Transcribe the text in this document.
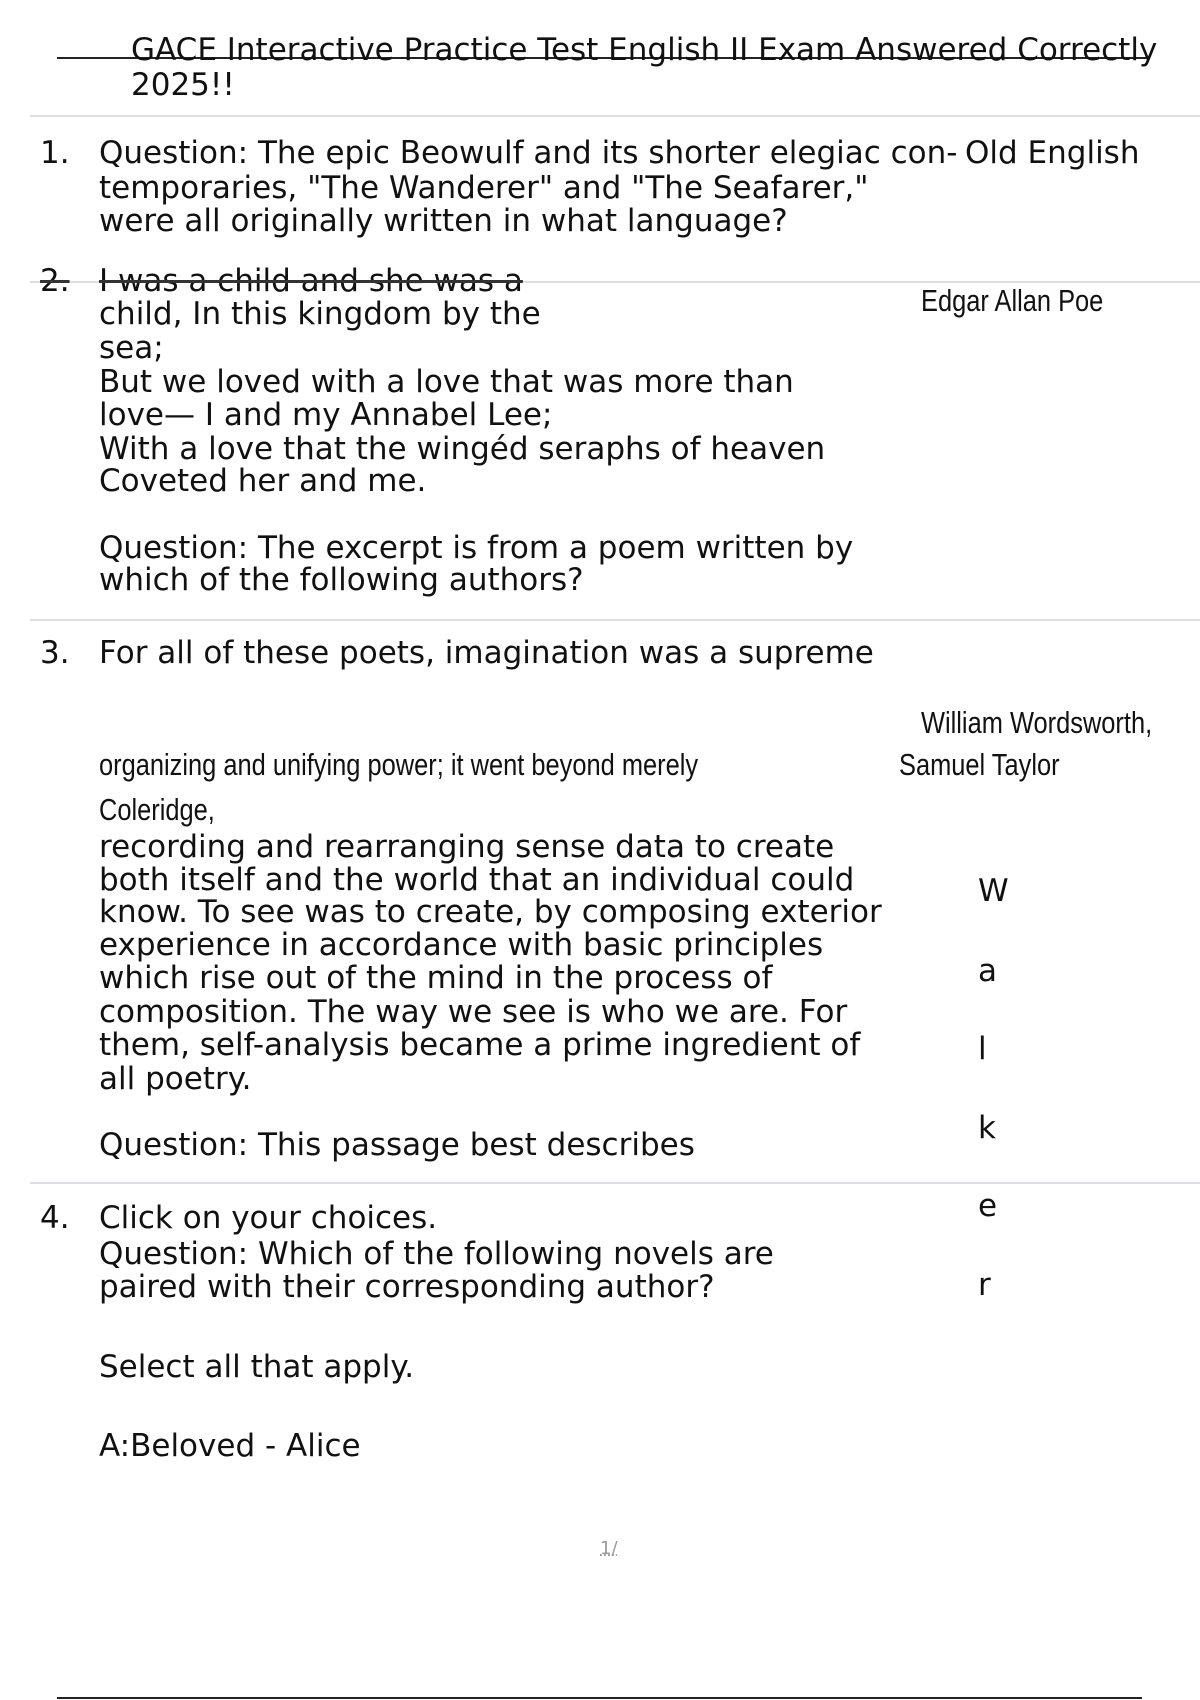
GACE Interactive Practice Test English II Exam Answered Correctly

2025!!

1. Question: The epic Beowulf and its shorter elegiac con- Old English

temporaries, "The Wanderer" and "The Seafarer,"

were all originally written in what language?

2. I was a child and she was a

Edgar Allan Poe

child, In this kingdom by the

sea;

But we loved with a love that was more than

love— I and my Annabel Lee;

With a love that the wingéd seraphs of heaven

Coveted her and me.

Question: The excerpt is from a poem written by

which of the following authors?

3. For all of these poets, imagination was a supreme

William Wordsworth,

organizing and unifying power; it went beyond merely	Samuel Taylor

Coleridge,

recording and rearranging sense data to create

both itself and the world that an individual could

know. To see was to create, by composing exterior

experience in accordance with basic principles

which rise out of the mind in the process of

composition. The way we see is who we are. For

them, self-analysis became a prime ingredient of

all poetry.

Question: This passage best describes

W
a
l
k
e
r
4. Click on your choices.

Question: Which of the following novels are

paired with their corresponding author?

Select all that apply.

A:Beloved - Alice

1/
